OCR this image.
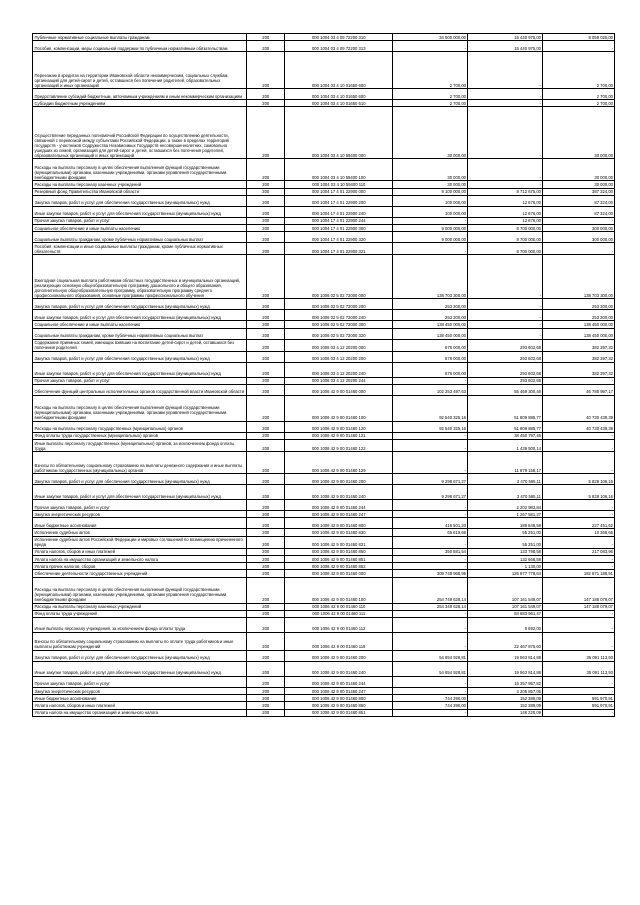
Публичные нормативные социальные выплаты гражданам	200	000 1004 03 4 09 72200 310	34 500 000,00	15 440 975,00	8 059 025,00
Пособия, компенсации, меры социальной поддержки по публичным нормативным обязательствам	200	000 1004 03 4 09 72200 313	-	15 440 975,00	-
Переезжаю в кредитах на территории Ивановской области некоммерческим, социальных службам, организаций для детей-сирот и детей, оставшихся без попечения родителей, образовательных организаций и иных организаций	200	000 1004 03 4 10 01650 600	2 700,00	-	2 700,00
Предоставление субсидий бюджетным, автономным учреждениям и иным некоммерческим организациям	200	000 1004 03 4 10 01650 600	2 700,00	-	2 700,00
Субсидии бюджетным учреждениям	200	000 1004 03 4 10 01650 610	2 700,00	-	2 700,00
Осуществление переданных полномочий Российской Федерации по осуществлению деятельности, связанной с перевозкой между субъектами Российской Федерации, а также в пределах территорий государств - участников Содружества Независимых Государств несовершеннолетних, самовольно ушедших из семей, организаций для детей-сирот и детей, оставшихся без попечения родителей, образовательных организаций и иных организаций	200	000 1004 03 4 10 59400 000	30 000,00	-	30 000,00
Расходы на выплаты персоналу в целях обеспечения выполнения функций государственными (муниципальными) органами, казенными учреждениями, органами управления государственными внебюджетными фондами	200	000 1004 03 4 10 59400 100	30 000,00	-	30 000,00
Расходы на выплаты персоналу казенных учреждений	200	000 1004 03 4 10 59400 110	30 000,00	-	30 000,00
Резервный фонд Правительства Ивановской области	200	000 1004 17 4 01 22900 000	9 100 000,00	8 712 675,00	387 324,00
Закупка товаров, работ и услуг для обеспечения государственных (муниципальных) нужд	200	000 1004 17 4 01 22900 200	100 000,00	12 676,00	87 324,00
Иные закупки товаров, работ и услуг для обеспечения государственных (муниципальных) нужд	200	000 1004 17 4 01 22900 240	100 000,00	12 676,00	87 324,00
Прочая закупка товаров, работ и услуг	200	000 1004 17 4 01 22900 244	-	12 676,00	-
Социальное обеспечение и иные выплаты населению	200	000 1004 17 4 01 22900 300	9 000 000,00	8 700 000,00	300 000,00
Социальные выплаты гражданам, кроме публичных нормативных социальных выплат	200	000 1004 17 4 01 22900 320	9 000 000,00	8 700 000,00	300 000,00
Пособия, компенсации и иные социальные выплаты гражданам, кроме публичных нормативных обязательств	200	000 1004 17 4 01 22900 321	-	8 700 000,00	-
Ежегодная социальная выплата работникам областных государственных и муниципальных организаций, реализующих основную общеобразовательную программу дошкольного и общего образования, дополнительную общеобразовательную программу, образовательную программу среднего профессионального образования, основные программы профессионального обучения	200	000 1006 02 5 02 72000 000	138 703 300,00	-	138 703 300,00
Закупка товаров, работ и услуг для обеспечения государственных (муниципальных) нужд	200	000 1006 02 5 02 72000 200	253 300,00	-	253 300,00
Иные закупки товаров, работ и услуг для обеспечения государственных (муниципальных) нужд	200	000 1006 02 5 02 72000 240	253 300,00	-	253 300,00
Социальное обеспечение и иные выплаты населению	200	000 1006 02 5 02 72000 300	138 450 000,00	-	138 450 000,00
Социальные выплаты гражданам, кроме публичных нормативных социальных выплат	200	000 1006 02 5 02 72000 320	138 450 000,00	-	138 450 000,00
Содержание приемных семей, имеющих взявших на воспитание детей-сирот и детей, оставшихся без попечения родителей	200	000 1006 03 4 12 20200 000	676 000,00	293 602,68	382 397,32
Закупка товаров, работ и услуг для обеспечения государственных (муниципальных) нужд	200	000 1006 03 4 12 20200 200	676 000,00	293 602,68	382 397,32
Иные закупки товаров, работ и услуг для обеспечения государственных (муниципальных) нужд	200	000 1006 03 4 12 20200 240	676 000,00	293 602,68	382 397,32
Прочая закупка товаров, работ и услуг	200	000 1006 03 4 12 20200 244	-	293 602,68	-
Обеспечение функций центральных исполнительных органов государственной власти Ивановской области	200	000 1006 42 9 00 01460 000	102 253 497,63	55 469 300,46	46 785 997,17
Расходы на выплаты персоналу в целях обеспечения выполнения функций государственными (муниципальными) органами, казенными учреждениями, органами управления государственными внебюджетными фондами	200	000 1006 42 9 00 01460 100	92 540 325,16	51 809 885,77	40 730 439,39
Расходы на выплаты персоналу государственных (муниципальных) органов	200	000 1006 42 9 00 01460 120	92 540 325,16	51 809 885,77	40 730 439,39
Фонд оплаты труда государственных (муниципальных) органов	200	000 1006 42 9 00 01460 121	-	38 450 797,46	-
Иные выплаты персоналу государственных (муниципальных) органов, за исключением фонда оплаты труда	200	000 1006 42 9 00 01460 122	-	1 439 500,14	-
Взносы по обязательному социальному страхованию на выплаты денежного содержания и иные выплаты работникам государственных (муниципальных) органов	200	000 1006 42 9 00 01460 129	-	11 879 158,17	-
Закупка товаров, работ и услуг для обеспечения государственных (муниципальных) нужд	200	000 1006 42 9 00 01460 200	9 298 671,27	3 470 565,11	5 828 106,16
Иные закупки товаров, работ и услуг для обеспечения государственных (муниципальных) нужд	200	000 1006 42 9 00 01460 240	9 298 671,27	3 470 565,11	5 828 106,16
Прочая закупка товаров, работ и услуг	200	000 1006 42 9 00 01460 244	-	2 202 983,84	-
Закупка энергетических ресурсов	200	000 1006 42 9 00 01460 247	-	1 267 581,27	-
Иные бюджетные ассигнования	200	000 1006 42 9 00 01460 800	416 501,20	189 849,58	227 451,62
Исполнение судебных актов	200	000 1006 42 9 00 01460 830	65 619,66	55 251,00	10 368,66
Исполнение судебных актов Российской Федерации и мировых соглашений по возмещению причиненного вреда	200	000 1006 42 9 00 01460 831	-	55 251,00	-
Уплата налогов, сборов и иных платежей	200	000 1006 42 9 00 01460 850	350 881,54	133 798,58	217 083,96
Уплата налога на имущество организаций и земельного налога	200	000 1006 42 9 00 01460 851	-	132 668,58	-
Уплата прочих налогов, сборов	200	000 1006 42 9 00 01460 852	-	1 130,00	-
Обеспечение деятельности государственных учреждений	200	000 1006 42 9 00 01460 000	309 748 968,95	126 877 778,64	182 871 188,91
Расходы на выплаты персоналу в целях обеспечения выполнения функций государственными (муниципальными) органами, казенными учреждениями, органами управления государственными внебюджетными фондами	200	000 1006 42 9 00 01460 100	254 749 628,14	107 161 549,07	147 188 079,07
Расходы на выплаты персоналу казенных учреждений	200	000 1006 42 9 00 01460 110	254 349 628,14	107 161 549,07	147 188 079,07
Фонд оплаты труда учреждений	200	000 1006 42 9 00 01460 111	-	84 683 961,47	-
Иные выплаты персоналу учреждений, за исключением фонда оплаты труда	200	000 1006 42 9 00 01460 112	-	9 692,00	-
Взносы по обязательному социальному страхованию на выплаты по оплате труда работников и иные выплаты работникам учреждений	200	000 1006 42 9 00 01460 119	-	22 467 875,60	-
Закупка товаров, работ и услуг для обеспечения государственных (муниципальных) нужд	200	000 1006 42 9 00 01460 200	54 654 928,81	19 563 814,88	35 091 113,93
Иные закупки товаров, работ и услуг для обеспечения государственных (муниципальных) нужд	200	000 1006 42 9 00 01460 240	54 654 928,81	19 563 814,88	35 091 113,93
Прочая закупка товаров, работ и услуг	200	000 1006 42 9 00 01460 244	-	15 357 957,82	-
Закупка энергетических ресурсов	200	000 1006 42 9 00 01460 247	-	4 205 857,06	-
Иные бюджетные ассигнования	200	000 1006 42 9 00 01460 800	744 390,00	152 389,09	591 970,91
Уплата налогов, сборов и иных платежей	200	000 1006 42 9 00 01460 850	744 390,00	152 389,09	591 970,91
Уплата налога на имущество организаций и земельного налога	200	000 1006 42 9 00 01460 851	-	146 225,09	-
